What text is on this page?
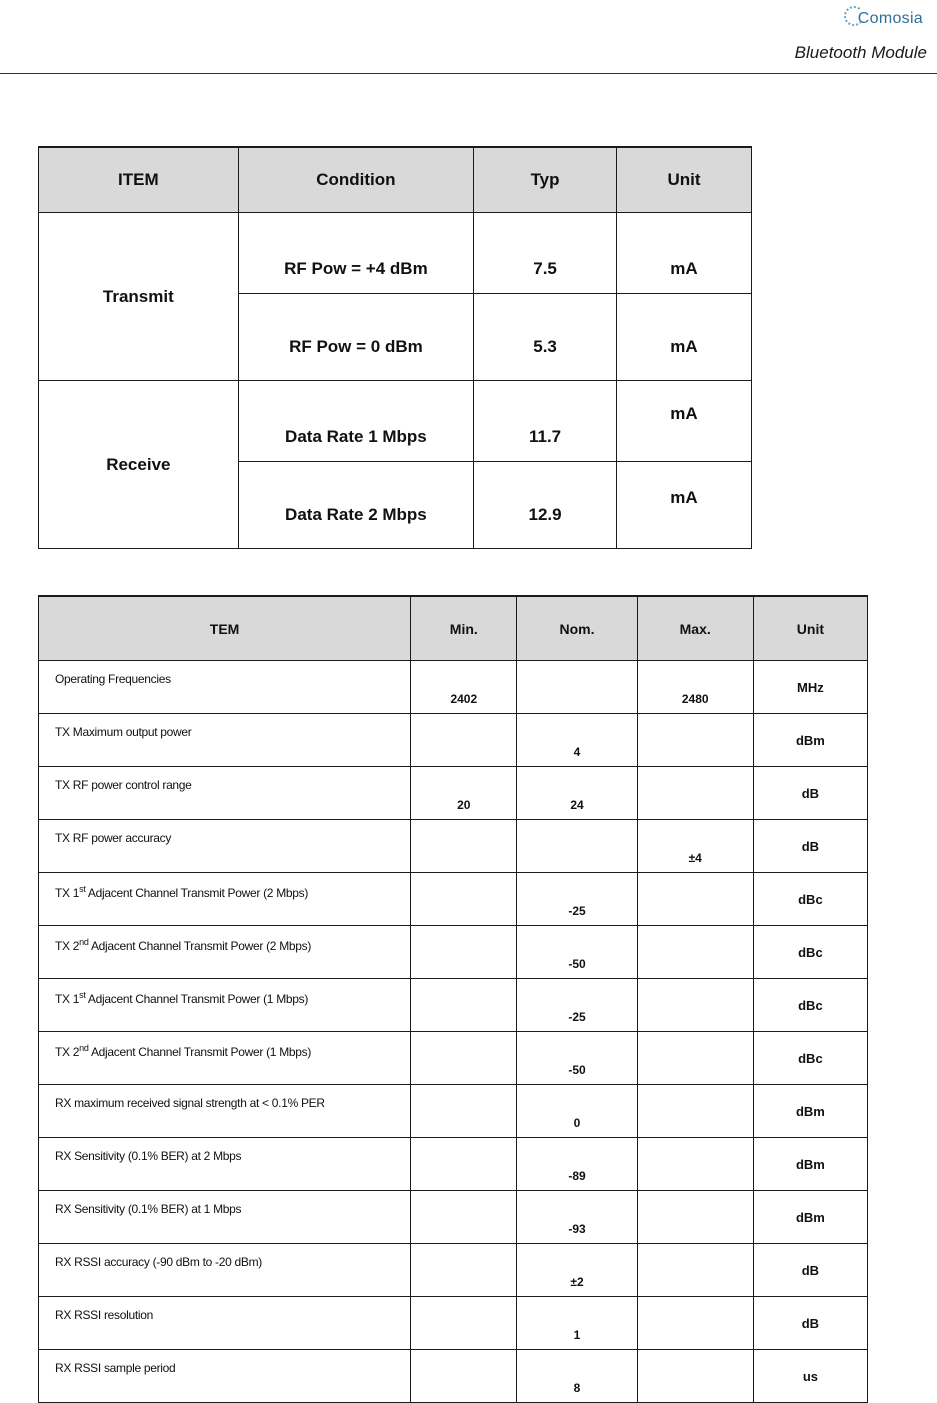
Comosia
Bluetooth Module
ITEM	Condition	Typ	Unit
Transmit	RF Pow = +4 dBm	7.5	mA
	RF Pow = 0 dBm	5.3	mA
Receive	Data Rate 1 Mbps	11.7	mA
	Data Rate 2 Mbps	12.9	mA
TEM	Min.	Nom.	Max.	Unit
Operating Frequencies	2402		2480	MHz
TX Maximum output power		4		dBm
TX RF power control range	20	24		dB
TX RF power accuracy			±4	dB
TX 1st Adjacent Channel Transmit Power (2 Mbps)		-25		dBc
TX 2nd Adjacent Channel Transmit Power (2 Mbps)		-50		dBc
TX 1st Adjacent Channel Transmit Power (1 Mbps)		-25		dBc
TX 2nd Adjacent Channel Transmit Power (1 Mbps)		-50		dBc
RX maximum received signal strength at < 0.1% PER		0		dBm
RX Sensitivity (0.1% BER) at 2 Mbps		-89		dBm
RX Sensitivity (0.1% BER) at 1 Mbps		-93		dBm
RX RSSI accuracy (-90 dBm to -20 dBm)		±2		dB
RX RSSI resolution		1		dB
RX RSSI sample period		8		us
